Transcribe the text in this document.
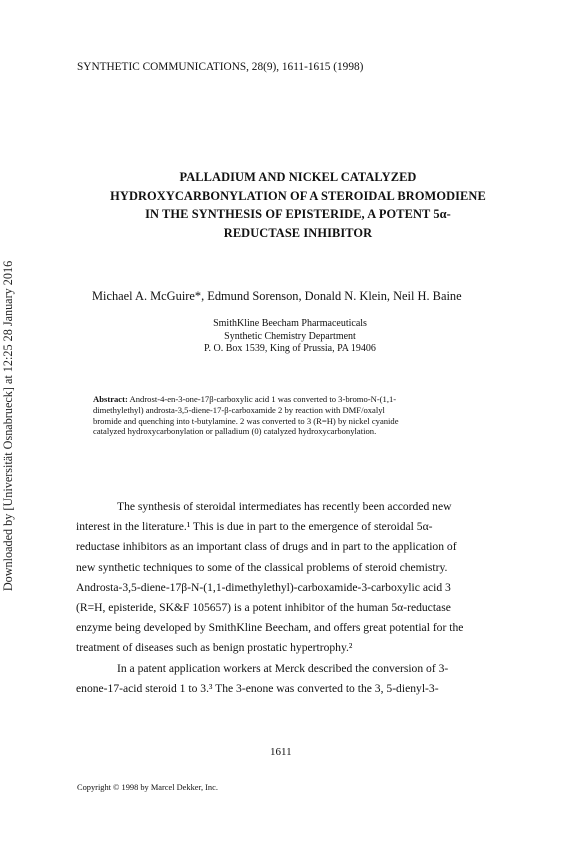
Downloaded by [Universität Osnabrueck] at 12:25 28 January 2016
SYNTHETIC COMMUNICATIONS, 28(9), 1611-1615 (1998)
PALLADIUM AND NICKEL CATALYZED
HYDROXYCARBONYLATION OF A STEROIDAL BROMODIENE
IN THE SYNTHESIS OF EPISTERIDE, A POTENT 5α-
REDUCTASE INHIBITOR
Michael A. McGuire*, Edmund Sorenson, Donald N. Klein, Neil H. Baine
SmithKline Beecham Pharmaceuticals
Synthetic Chemistry Department
P. O. Box 1539, King of Prussia, PA 19406
Abstract: Androst-4-en-3-one-17β-carboxylic acid 1 was converted to 3-bromo-N-(1,1-
dimethylethyl) androsta-3,5-diene-17-β-carboxamide 2 by reaction with DMF/oxalyl
bromide and quenching into t-butylamine. 2 was converted to 3 (R=H) by nickel cyanide
catalyzed hydroxycarbonylation or palladium (0) catalyzed hydroxycarbonylation.
The synthesis of steroidal intermediates has recently been accorded new
interest in the literature.¹ This is due in part to the emergence of steroidal 5α-
reductase inhibitors as an important class of drugs and in part to the application of
new synthetic techniques to some of the classical problems of steroid chemistry.
Androsta-3,5-diene-17β-N-(1,1-dimethylethyl)-carboxamide-3-carboxylic acid 3
(R=H, episteride, SK&F 105657) is a potent inhibitor of the human 5α-reductase
enzyme being developed by SmithKline Beecham, and offers great potential for the
treatment of diseases such as benign prostatic hypertrophy.²
In a patent application workers at Merck described the conversion of 3-
enone-17-acid steroid 1 to 3.³ The 3-enone was converted to the 3, 5-dienyl-3-
1611
Copyright © 1998 by Marcel Dekker, Inc.
